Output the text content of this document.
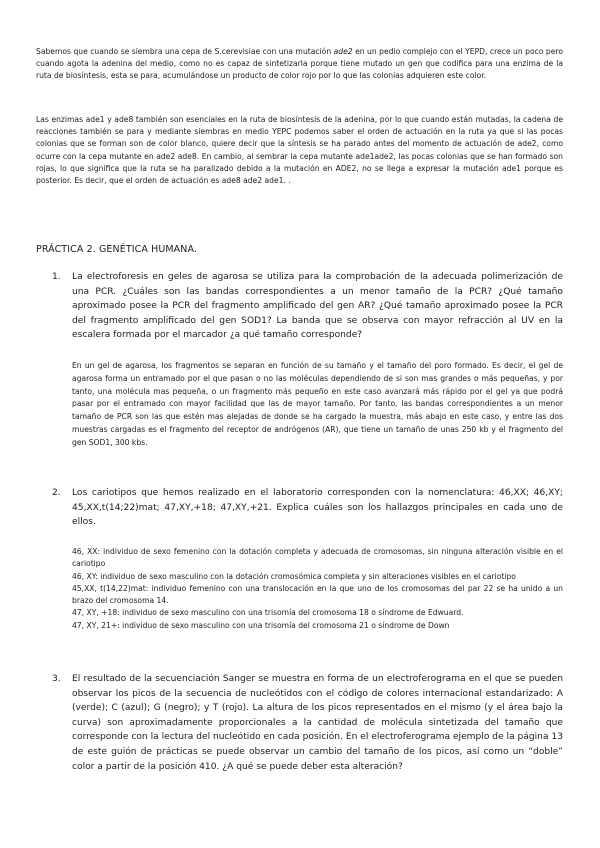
Sabemos que cuando se siembra una cepa de S.cerevisiae con una mutación ade2 en un pedio complejo con el YEPD, crece un poco pero cuando agota la adenina del medio, como no es capaz de sintetizarla porque tiene mutado un gen que codifica para una enzima de la ruta de biosíntesis, esta se para, acumulándose un producto de color rojo por lo que las colonias adquieren este color.

Las enzimas ade1 y ade8 también son esenciales en la ruta de biosíntesis de la adenina, por lo que cuando están mutadas, la cadena de reacciones también se para y mediante siembras en medio YEPC podemos saber el orden de actuación en la ruta ya que si las pocas colonias que se forman son de color blanco, quiere decir que la síntesis se ha parado antes del momento de actuación de ade2, como ocurre con la cepa mutante en ade2 ade8. En cambio, al sembrar la cepa mutante ade1ade2, las pocas colonias que se han formado son rojas, lo que significa que la ruta se ha paralizado debido a la mutación en ADE2, no se llega a expresar la mutación ade1 porque es posterior. Es decir, que el orden de actuación es ade8 ade2 ade1. .

PRÁCTICA 2. GENÉTICA HUMANA.

1. La electroforesis en geles de agarosa se utiliza para la comprobación de la adecuada polimerización de una PCR. ¿Cuáles son las bandas correspondientes a un menor tamaño de la PCR? ¿Qué tamaño aproximado posee la PCR del fragmento amplificado del gen AR? ¿Qué tamaño aproximado posee la PCR del fragmento amplificado del gen SOD1? La banda que se observa con mayor refracción al UV en la escalera formada por el marcador ¿a qué tamaño corresponde?

En un gel de agarosa, los fragmentos se separan en función de su tamaño y el tamaño del poro formado. Es decir, el gel de agarosa forma un entramado por el que pasan o no las moléculas dependiendo de si son mas grandes o más pequeñas, y por tanto, una molécula mas pequeña, o un fragmento más pequeño en este caso avanzará más rápido por el gel ya que podrá pasar por el entramado con mayor facilidad que las de mayor tamaño. Por tanto, las bandas correspondientes a un menor tamaño de PCR son las que estén mas alejadas de donde se ha cargado la muestra, más abajo en este caso, y entre las dos muestras cargadas es el fragmento del receptor de andrógenos (AR), que tiene un tamaño de unas 250 kb y el fragmento del gen SOD1, 300 kbs.

2. Los cariotipos que hemos realizado en el laboratorio corresponden con la nomenclatura: 46,XX; 46,XY; 45,XX,t(14;22)mat; 47,XY,+18; 47,XY,+21. Explica cuáles son los hallazgos principales en cada uno de ellos.

46, XX: individuo de sexo femenino con la dotación completa y adecuada de cromosomas, sin ninguna alteración visible en el cariotipo
46, XY: individuo de sexo masculino con la dotación cromosómica completa y sin alteraciones visibles en el cariotipo
45,XX, t(14,22)mat: individuo femenino con una translocación en la que uno de los cromosomas del par 22 se ha unido a un brazo del cromosoma 14.
47, XY, +18: individuo de sexo masculino con una trisomía del cromosoma 18 o síndrome de Edwuard.
47, XY, 21+: individuo de sexo masculino con una trisomía del cromosoma 21 o síndrome de Down

3. El resultado de la secuenciación Sanger se muestra en forma de un electroferograma en el que se pueden observar los picos de la secuencia de nucleótidos con el código de colores internacional estandarizado: A (verde); C (azul); G (negro); y T (rojo). La altura de los picos representados en el mismo (y el área bajo la curva) son aproximadamente proporcionales a la cantidad de molécula sintetizada del tamaño que corresponde con la lectura del nucleótido en cada posición. En el electroferograma ejemplo de la página 13 de este guión de prácticas se puede observar un cambio del tamaño de los picos, así como un “doble” color a partir de la posición 410. ¿A qué se puede deber esta alteración?
